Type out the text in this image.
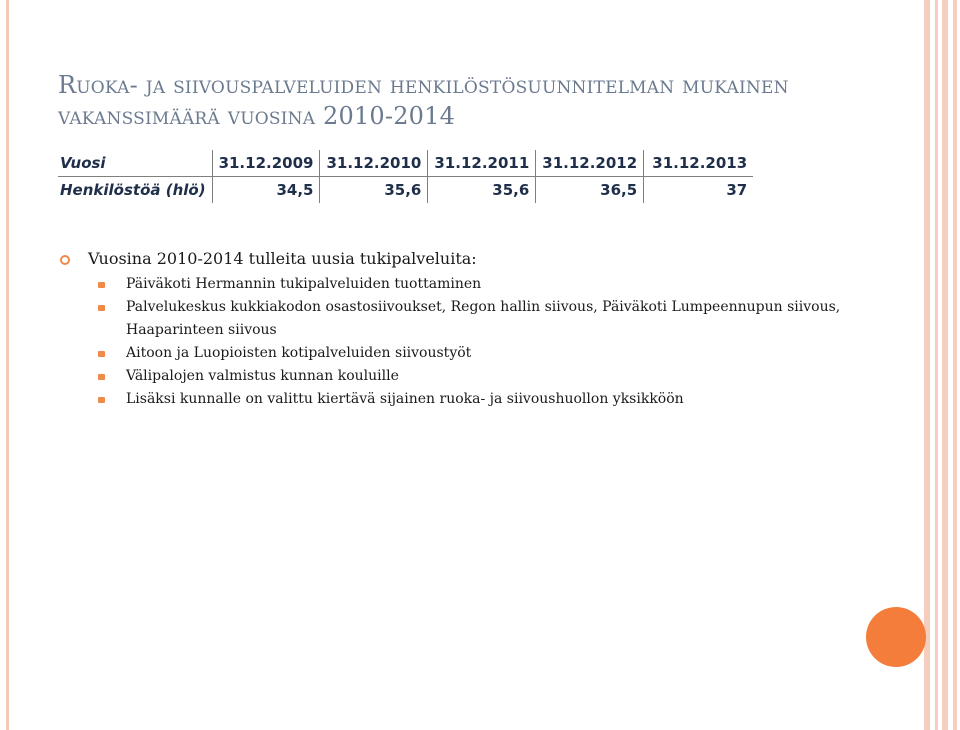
Ruoka- ja siivouspalveluiden henkilöstösuunnitelman mukainen vakanssimäärä vuosina 2010-2014
Vuosi	31.12.2009	31.12.2010	31.12.2011	31.12.2012	31.12.2013
Henkilöstöä (hlö)	34,5	35,6	35,6	36,5	37
Vuosina 2010-2014 tulleita uusia tukipalveluita:
Päiväkoti Hermannin tukipalveluiden tuottaminen
Palvelukeskus kukkiakodon osastosiivoukset, Regon hallin siivous, Päiväkoti Lumpeennupun siivous, Haaparinteen siivous
Aitoon ja Luopioisten kotipalveluiden siivoustyöt
Välipalojen valmistus kunnan kouluille
Lisäksi kunnalle on valittu kiertävä sijainen ruoka- ja siivoushuollon yksikköön
